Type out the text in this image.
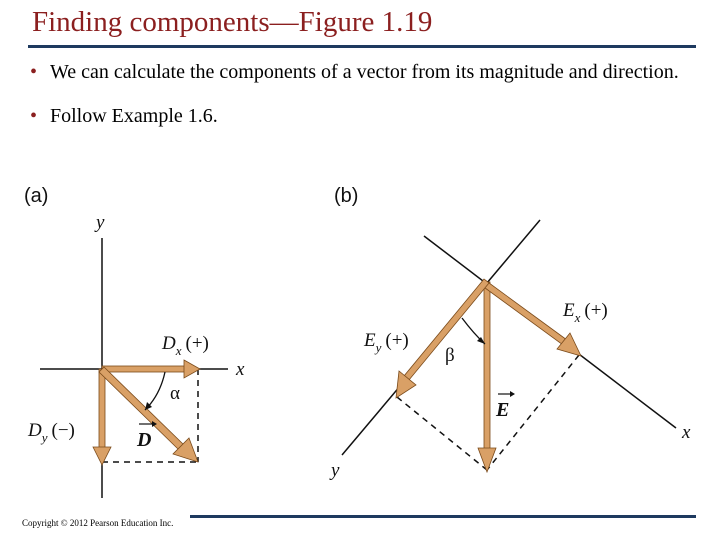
Finding components—Figure 1.19
• We can calculate the components of a vector from its magnitude and direction.
• Follow Example 1.6.
(a)
y
x
α
$D_x$ (+)
$D_y$ (−)	D
(b)
x
y
β
$E_x$ (+)
$E_y$ (+)
E
Copyright © 2012 Pearson Education Inc.
